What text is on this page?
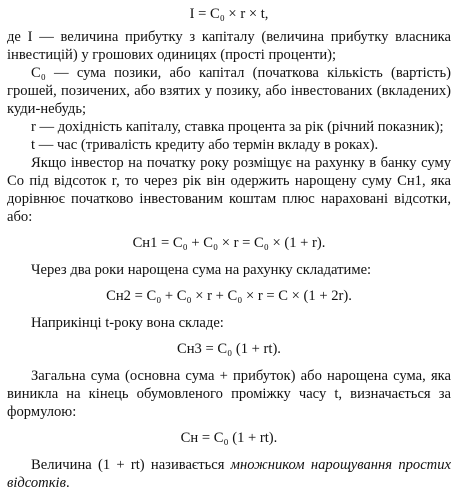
I = C₀ × r × t,

де I — величина прибутку з капіталу (величина прибутку власника інвестицій) у грошових одиницях (прості проценти);

C₀ — сума позики, або капітал (початкова кількість (вартість) грошей, позичених, або взятих у позику, або інвестованих (вкладених) куди-небудь;

r — дохідність капіталу, ставка процента за рік (річний показник);

t — час (тривалість кредиту або термін вкладу в роках).

Якщо інвестор на початку року розміщує на рахунку в банку суму Со під відсоток r, то через рік він одержить нарощену суму Сн1, яка дорівнює початково інвестованим коштам плюс нараховані відсотки, або:

Cн1 = C₀ + C₀ × r = C₀ × (1 + r).

Через два роки нарощена сума на рахунку складатиме:

Cн2 = C₀ + C₀ × r + C₀ × r = C × (1 + 2r).

Наприкінці t-року вона складе:

Cн3 = C₀ (1 + rt).

Загальна сума (основна сума + прибуток) або нарощена сума, яка виникла на кінець обумовленого проміжку часу t, визначається за формулою:

Cн = C₀ (1 + rt).

Величина (1 + rt) називається множником нарощування простих відсотків.
